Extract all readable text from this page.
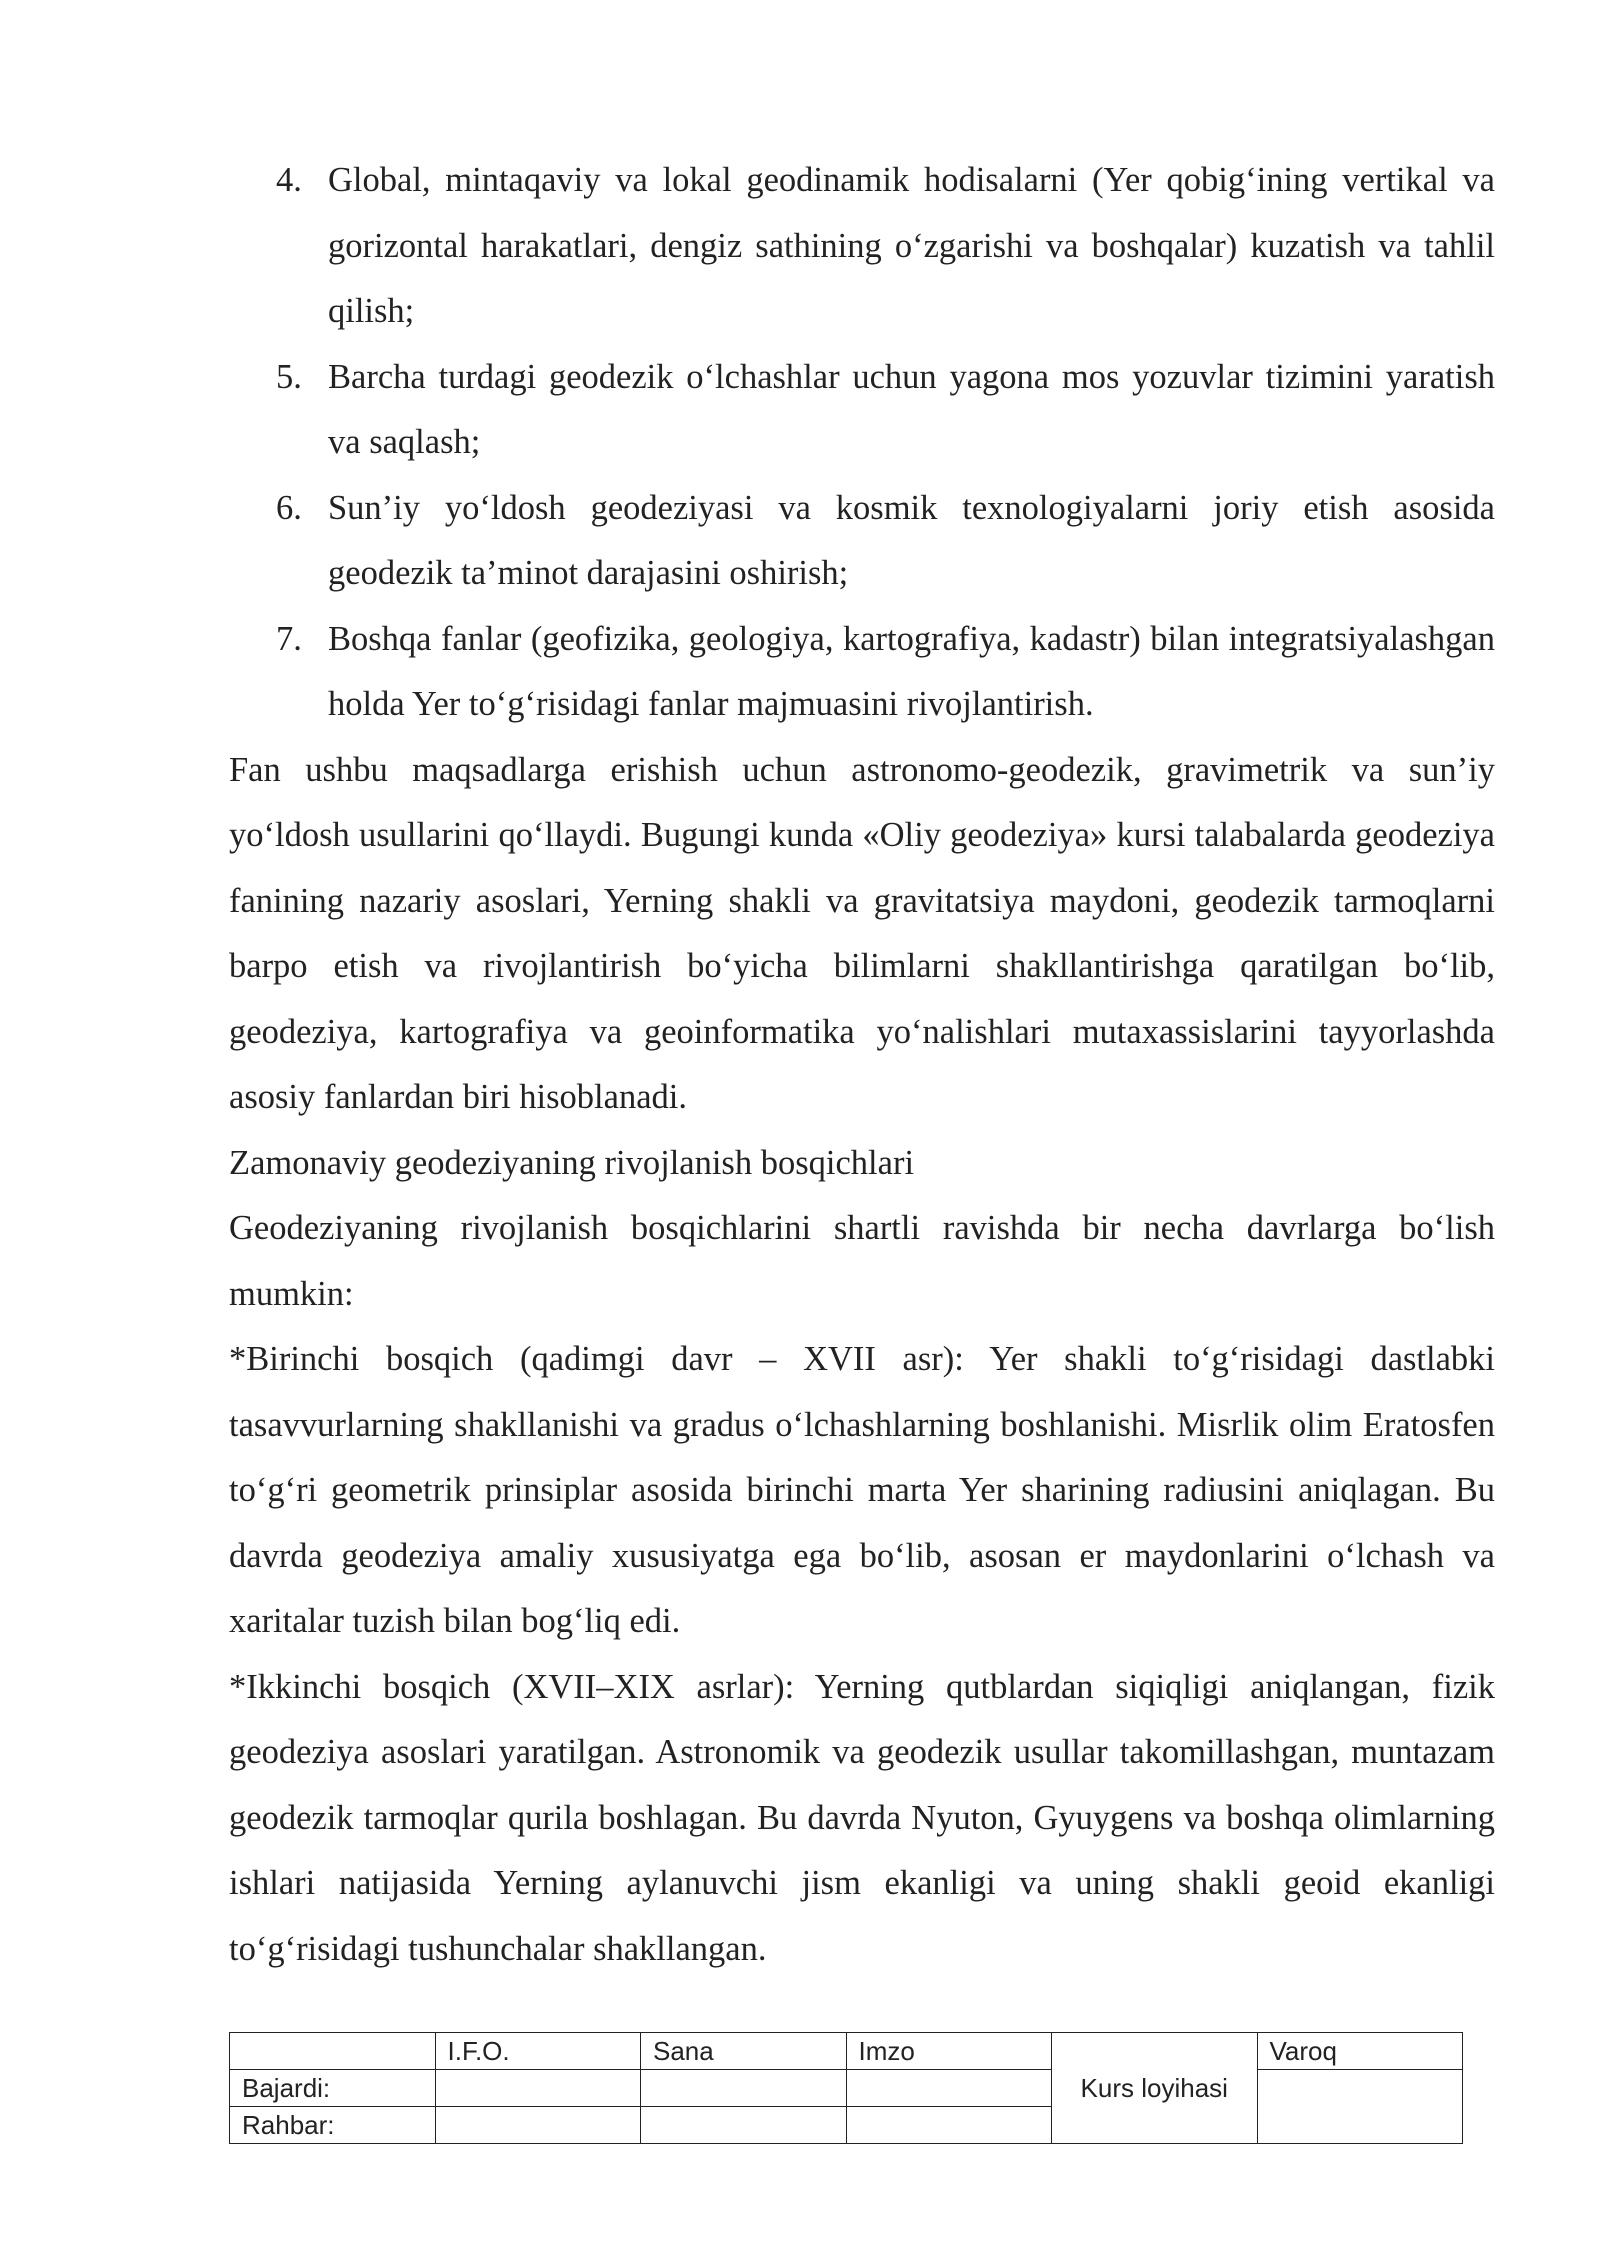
4. Global, mintaqaviy va lokal geodinamik hodisalarni (Yer qobig‘ining vertikal va gorizontal harakatlari, dengiz sathining o‘zgarishi va boshqalar) kuzatish va tahlil qilish;
5. Barcha turdagi geodezik o‘lchashlar uchun yagona mos yozuvlar tizimini yaratish va saqlash;
6. Sun’iy yo‘ldosh geodeziyasi va kosmik texnologiyalarni joriy etish asosida geodezik ta’minot darajasini oshirish;
7. Boshqa fanlar (geofizika, geologiya, kartografiya, kadastr) bilan integratsiyalashgan holda Yer to‘g‘risidagi fanlar majmuasini rivojlantirish.

Fan ushbu maqsadlarga erishish uchun astronomo-geodezik, gravimetrik va sun’iy yo‘ldosh usullarini qo‘llaydi. Bugungi kunda «Oliy geodeziya» kursi talabalarda geodeziya fanining nazariy asoslari, Yerning shakli va gravitatsiya maydoni, geodezik tarmoqlarni barpo etish va rivojlantirish bo‘yicha bilimlarni shakllantirishga qaratilgan bo‘lib, geodeziya, kartografiya va geoinformatika yo‘nalishlari mutaxassislarini tayyorlashda asosiy fanlardan biri hisoblanadi.

Zamonaviy geodeziyaning rivojlanish bosqichlari

Geodeziyaning rivojlanish bosqichlarini shartli ravishda bir necha davrlarga bo‘lish mumkin:

*Birinchi bosqich (qadimgi davr – XVII asr): Yer shakli to‘g‘risidagi dastlabki tasavvurlarning shakllanishi va gradus o‘lchashlarning boshlanishi. Misrlik olim Eratosfen to‘g‘ri geometrik prinsiplar asosida birinchi marta Yer sharining radiusini aniqlagan. Bu davrda geodeziya amaliy xususiyatga ega bo‘lib, asosan er maydonlarini o‘lchash va xaritalar tuzish bilan bog‘liq edi.

*Ikkinchi bosqich (XVII–XIX asrlar): Yerning qutblardan siqiqligi aniqlangan, fizik geodeziya asoslari yaratilgan. Astronomik va geodezik usullar takomillashgan, muntazam geodezik tarmoqlar qurila boshlagan. Bu davrda Nyuton, Gyuygens va boshqa olimlarning ishlari natijasida Yerning aylanuvchi jism ekanligi va uning shakli geoid ekanligi to‘g‘risidagi tushunchalar shakllangan.

	I.F.O.	Sana	Imzo	Kurs loyihasi	Varoq
Bajardi:					
Rahbar:					
